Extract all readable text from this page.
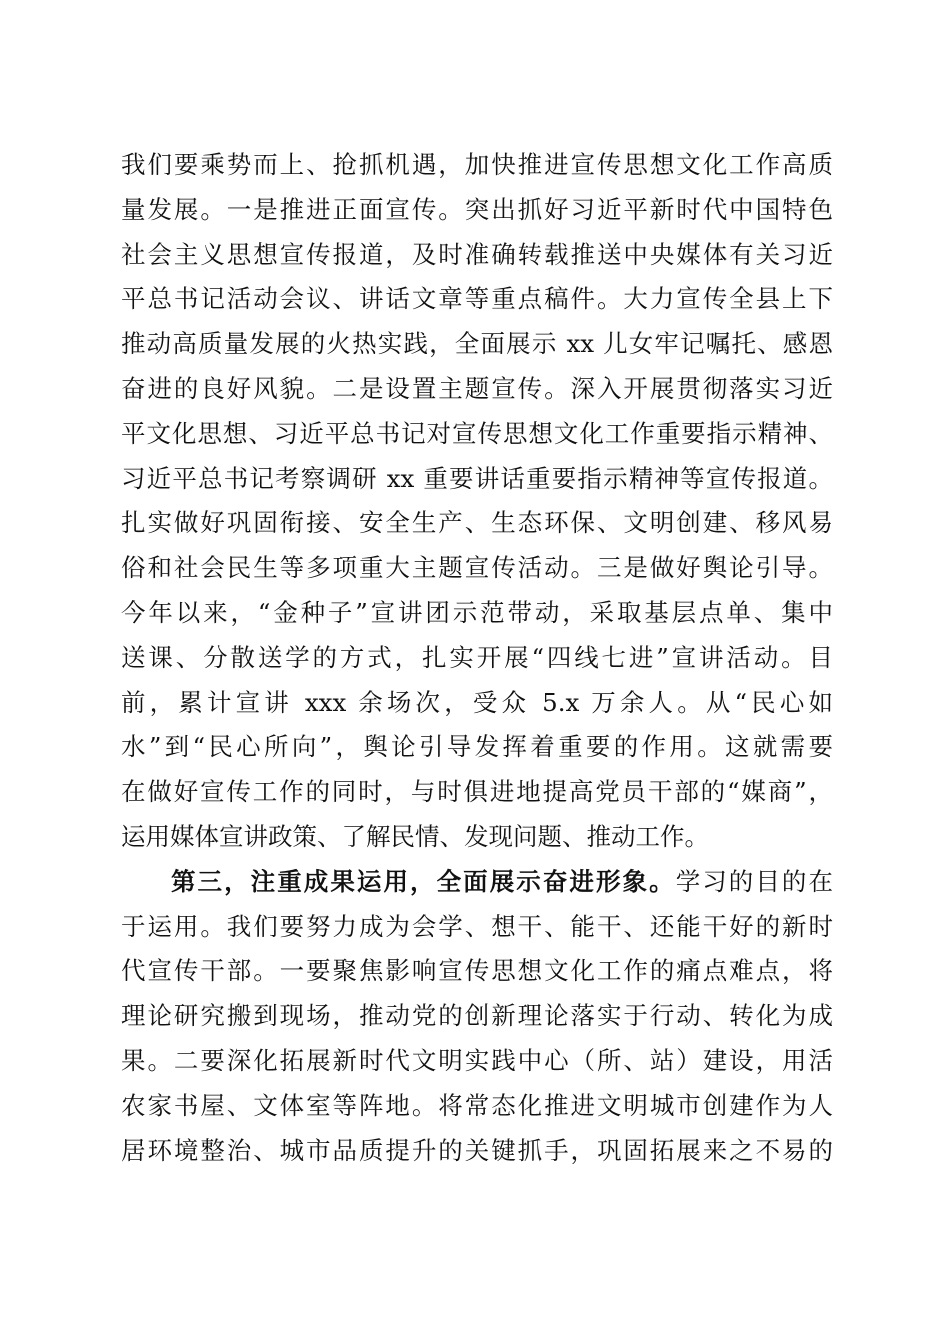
我们要乘势而上、抢抓机遇，加快推进宣传思想文化工作高质
量发展。一是推进正面宣传。突出抓好习近平新时代中国特色
社会主义思想宣传报道，及时准确转载推送中央媒体有关习近
平总书记活动会议、讲话文章等重点稿件。大力宣传全县上下
推动高质量发展的火热实践，全面展示 xx 儿女牢记嘱托、感恩
奋进的良好风貌。二是设置主题宣传。深入开展贯彻落实习近
平文化思想、习近平总书记对宣传思想文化工作重要指示精神、
习近平总书记考察调研 xx 重要讲话重要指示精神等宣传报道。
扎实做好巩固衔接、安全生产、生态环保、文明创建、移风易
俗和社会民生等多项重大主题宣传活动。三是做好舆论引导。
今年以来，“金种子”宣讲团示范带动，采取基层点单、集中
送课、分散送学的方式，扎实开展“四线七进”宣讲活动。目
前，累计宣讲 xxx 余场次，受众 5.x 万余人。从“民心如
水”到“民心所向”，舆论引导发挥着重要的作用。这就需要
在做好宣传工作的同时，与时俱进地提高党员干部的“媒商”，
运用媒体宣讲政策、了解民情、发现问题、推动工作。
第三，注重成果运用，全面展示奋进形象。学习的目的在
于运用。我们要努力成为会学、想干、能干、还能干好的新时
代宣传干部。一要聚焦影响宣传思想文化工作的痛点难点，将
理论研究搬到现场，推动党的创新理论落实于行动、转化为成
果。二要深化拓展新时代文明实践中心（所、站）建设，用活
农家书屋、文体室等阵地。将常态化推进文明城市创建作为人
居环境整治、城市品质提升的关键抓手，巩固拓展来之不易的
